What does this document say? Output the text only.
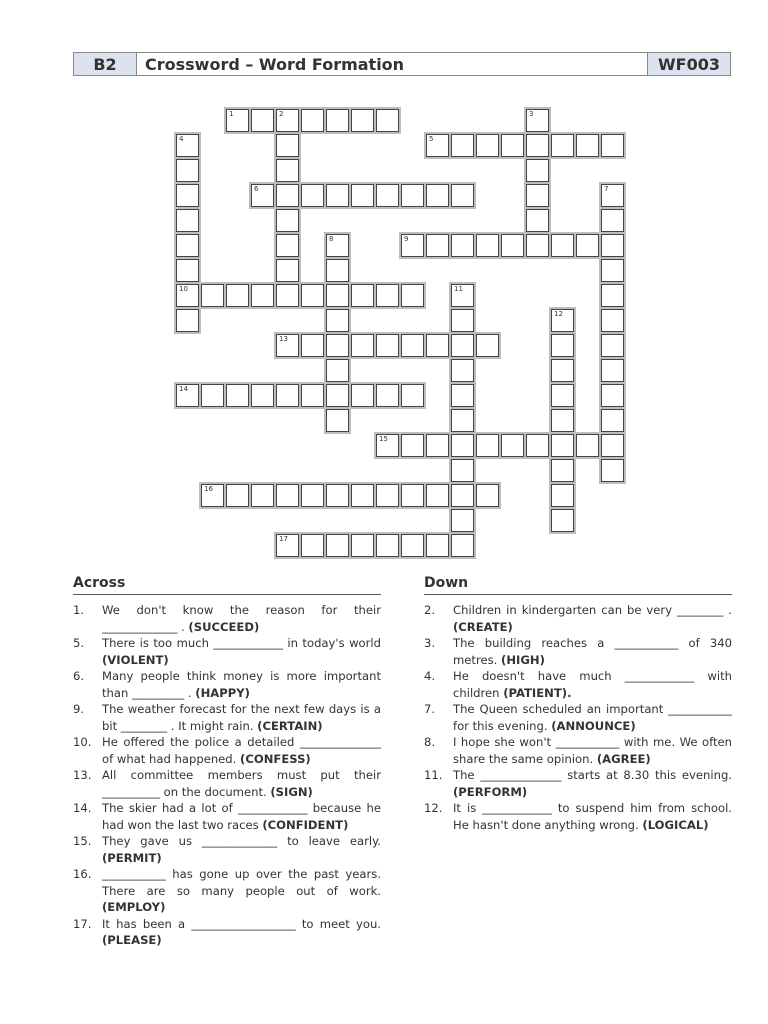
B2	Crossword – Word Formation	WF003
1	2	3
4
10
5
6	7
8	9
11
12
13
14
15
16
17
Across
1.	We don't know the reason for their _____________ . (SUCCEED)
5.	There is too much ____________ in today's world (VIOLENT)
6.	Many people think money is more important than _________ . (HAPPY)
9.	The weather forecast for the next few days is a bit ________ . It might rain. (CERTAIN)
10. He offered the police a detailed ______________ of what had happened. (CONFESS)
13. All committee members must put their __________ on the document. (SIGN)
14. The skier had a lot of ____________ because he had won the last two races (CONFIDENT)
15. They gave us _____________ to leave early. (PERMIT)
16. ___________ has gone up over the past years. There are so many people out of work. (EMPLOY)
17. It has been a __________________ to meet you. (PLEASE)
Down
2.	Children in kindergarten can be very ________ . (CREATE)
3.	The building reaches a ___________ of 340 metres. (HIGH)
4.	He doesn't have much ____________ with children (PATIENT).
7.	The Queen scheduled an important ___________ for this evening. (ANNOUNCE)
8.	I hope she won't ___________ with me. We often share the same opinion. (AGREE)
11. The ______________ starts at 8.30 this evening. (PERFORM)
12. It is ____________ to suspend him from school. He hasn't done anything wrong. (LOGICAL)
